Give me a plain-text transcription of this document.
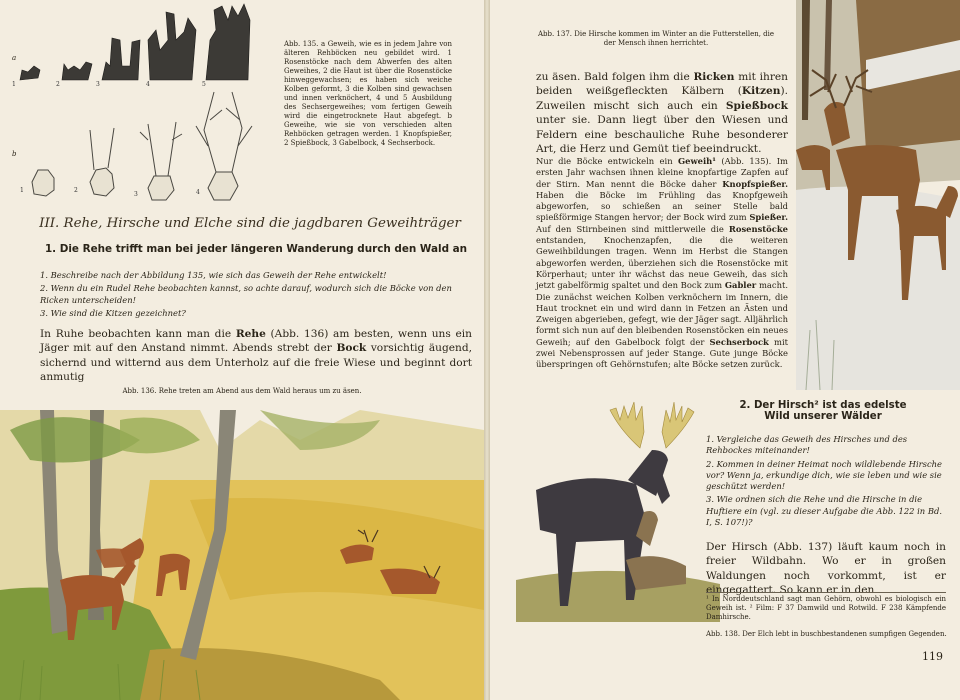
1	2	3	4	5
2
3	4
1
a
b
Abb. 135. a Geweih, wie es in jedem Jahre von älteren Rehböcken neu gebildet wird. 1 Rosenstöcke nach dem Abwerfen des alten Geweihes, 2 die Haut ist über die Rosenstöcke hinweggewachsen; es haben sich weiche Kolben geformt, 3 die Kolben sind gewachsen und innen verknöchert, 4 und 5 Ausbildung des Sechsergeweihes; vom fertigen Geweih wird die eingetrocknete Haut abgefegt. b Geweihe, wie sie von verschieden alten Rehböcken getragen werden. 1 Knopfspießer, 2 Spießbock, 3 Gabelbock, 4 Sechserbock.
III. Rehe, Hirsche und Elche sind die jagdbaren Geweihträger
1. Die Rehe trifft man bei jeder längeren Wanderung durch den Wald an
1. Beschreibe nach der Abbildung 135, wie sich das Geweih der Rehe entwickelt!
2. Wenn du ein Rudel Rehe beobachten kannst, so achte darauf, wodurch sich die Böcke von den Ricken unterscheiden!
3. Wie sind die Kitzen gezeichnet?
In Ruhe beobachten kann man die Rehe (Abb. 136) am besten, wenn uns ein Jäger mit auf den Anstand nimmt. Abends strebt der Bock vorsichtig äugend, sichernd und witternd aus dem Unterholz auf die freie Wiese und beginnt dort anmutig
Abb. 136. Rehe treten am Abend aus dem Wald heraus um zu äsen.
Abb. 137. Die Hirsche kommen im Winter an die Futterstellen, die der Mensch ihnen herrichtet.
zu äsen. Bald folgen ihm die Ricken mit ihren beiden weißgefleckten Kälbern (Kitzen). Zuweilen mischt sich auch ein Spießbock unter sie. Dann liegt über den Wiesen und Feldern eine beschauliche Ruhe besonderer Art, die Herz und Gemüt tief beeindruckt.
Nur die Böcke entwickeln ein Geweih¹ (Abb. 135). Im ersten Jahr wachsen ihnen kleine knopfartige Zapfen auf der Stirn. Man nennt die Böcke daher Knopfspießer. Haben die Böcke im Frühling das Knopfgeweih abgeworfen, so schießen an seiner Stelle bald spießförmige Stangen hervor; der Bock wird zum Spießer. Auf den Stirnbeinen sind mittlerweile die Rosenstöcke entstanden, Knochenzapfen, die die weiteren Geweihbildungen tragen. Wenn im Herbst die Stangen abgeworfen werden, überziehen sich die Rosenstöcke mit Körperhaut; unter ihr wächst das neue Geweih, das sich jetzt gabelförmig spaltet und den Bock zum Gabler macht. Die zunächst weichen Kolben verknöchern im Innern, die Haut trocknet ein und wird dann in Fetzen an Ästen und Zweigen abgerieben, gefegt, wie der Jäger sagt. Alljährlich formt sich nun auf den bleibenden Rosenstöcken ein neues Geweih; auf den Gabelbock folgt der Sechserbock mit zwei Nebensprossen auf jeder Stange. Gute junge Böcke überspringen oft Gehörnstufen; alte Böcke setzen zurück.
2. Der Hirsch² ist das edelste Wild unserer Wälder
1. Vergleiche das Geweih des Hirsches und des Rehbockes miteinander!
2. Kommen in deiner Heimat noch wildlebende Hirsche vor? Wenn ja, erkundige dich, wie sie leben und wie sie geschützt werden!
3. Wie ordnen sich die Rehe und die Hirsche in die Huftiere ein (vgl. zu dieser Aufgabe die Abb. 122 in Bd. I, S. 107!)?
Der Hirsch (Abb. 137) läuft kaum noch in freier Wildbahn. Wo er in großen Waldungen noch vorkommt, ist er eingegattert. So kann er in den
¹ In Norddeutschland sagt man Gehörn, obwohl es biologisch ein Geweih ist. ² Film: F 37 Damwild und Rotwild. F 238 Kämpfende Damhirsche.
Abb. 138. Der Elch lebt in buschbestandenen sumpfigen Gegenden.
119
